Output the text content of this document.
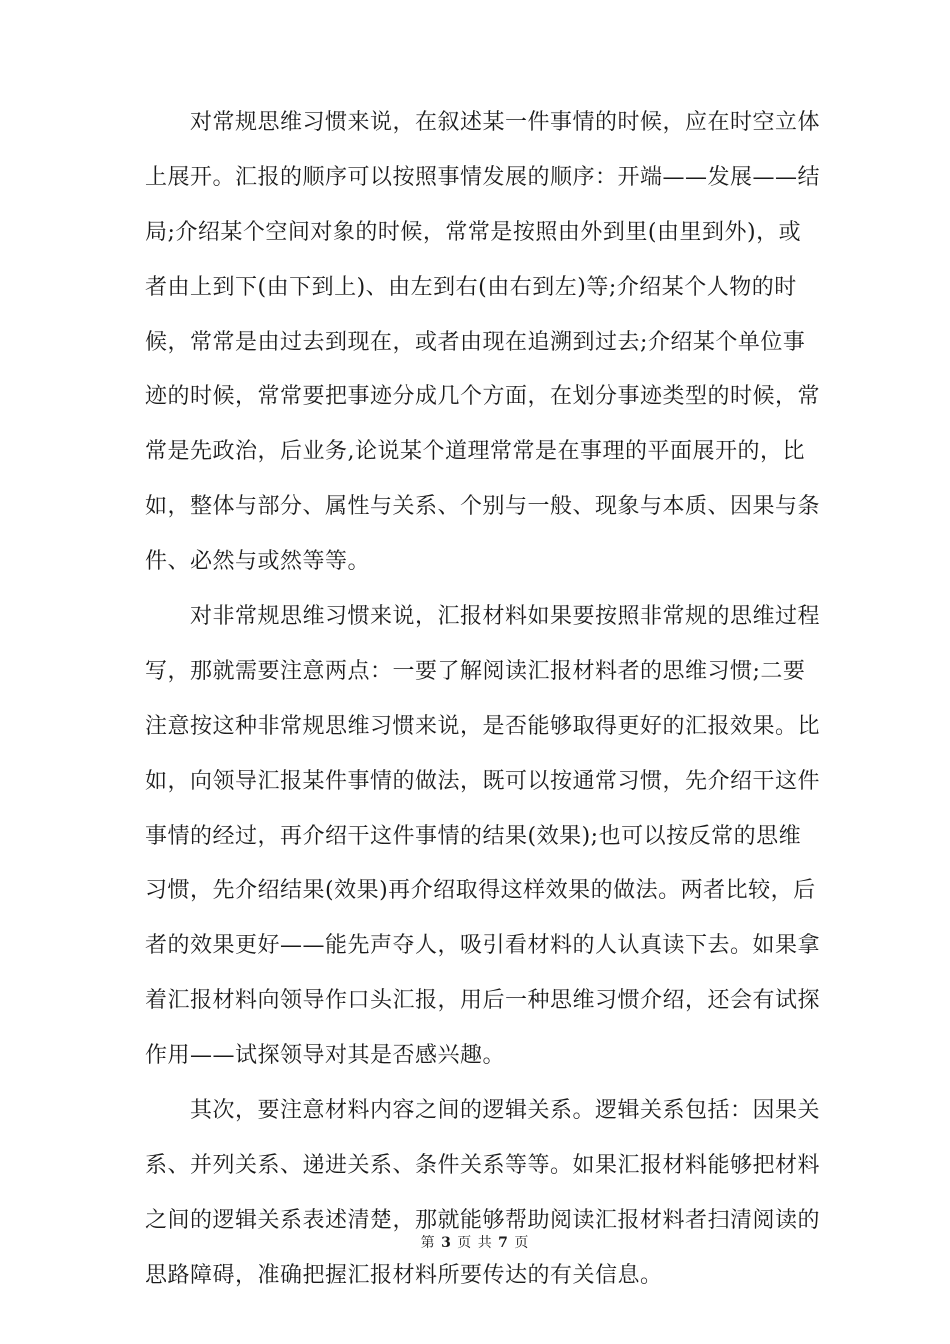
　　对常规思维习惯来说，在叙述某一件事情的时候，应在时空立体
上展开。汇报的顺序可以按照事情发展的顺序：开端——发展——结
局;介绍某个空间对象的时候，常常是按照由外到里(由里到外)，或
者由上到下(由下到上)、由左到右(由右到左)等;介绍某个人物的时
候，常常是由过去到现在，或者由现在追溯到过去;介绍某个单位事
迹的时候，常常要把事迹分成几个方面，在划分事迹类型的时候，常
常是先政治，后业务,论说某个道理常常是在事理的平面展开的，比
如，整体与部分、属性与关系、个别与一般、现象与本质、因果与条
件、必然与或然等等。
　　对非常规思维习惯来说，汇报材料如果要按照非常规的思维过程
写，那就需要注意两点：一要了解阅读汇报材料者的思维习惯;二要
注意按这种非常规思维习惯来说，是否能够取得更好的汇报效果。比
如，向领导汇报某件事情的做法，既可以按通常习惯，先介绍干这件
事情的经过，再介绍干这件事情的结果(效果);也可以按反常的思维
习惯，先介绍结果(效果)再介绍取得这样效果的做法。两者比较，后
者的效果更好——能先声夺人，吸引看材料的人认真读下去。如果拿
着汇报材料向领导作口头汇报，用后一种思维习惯介绍，还会有试探
作用——试探领导对其是否感兴趣。
　　其次，要注意材料内容之间的逻辑关系。逻辑关系包括：因果关
系、并列关系、递进关系、条件关系等等。如果汇报材料能够把材料
之间的逻辑关系表述清楚，那就能够帮助阅读汇报材料者扫清阅读的
思路障碍，准确把握汇报材料所要传达的有关信息。
第 3 页 共 7 页
